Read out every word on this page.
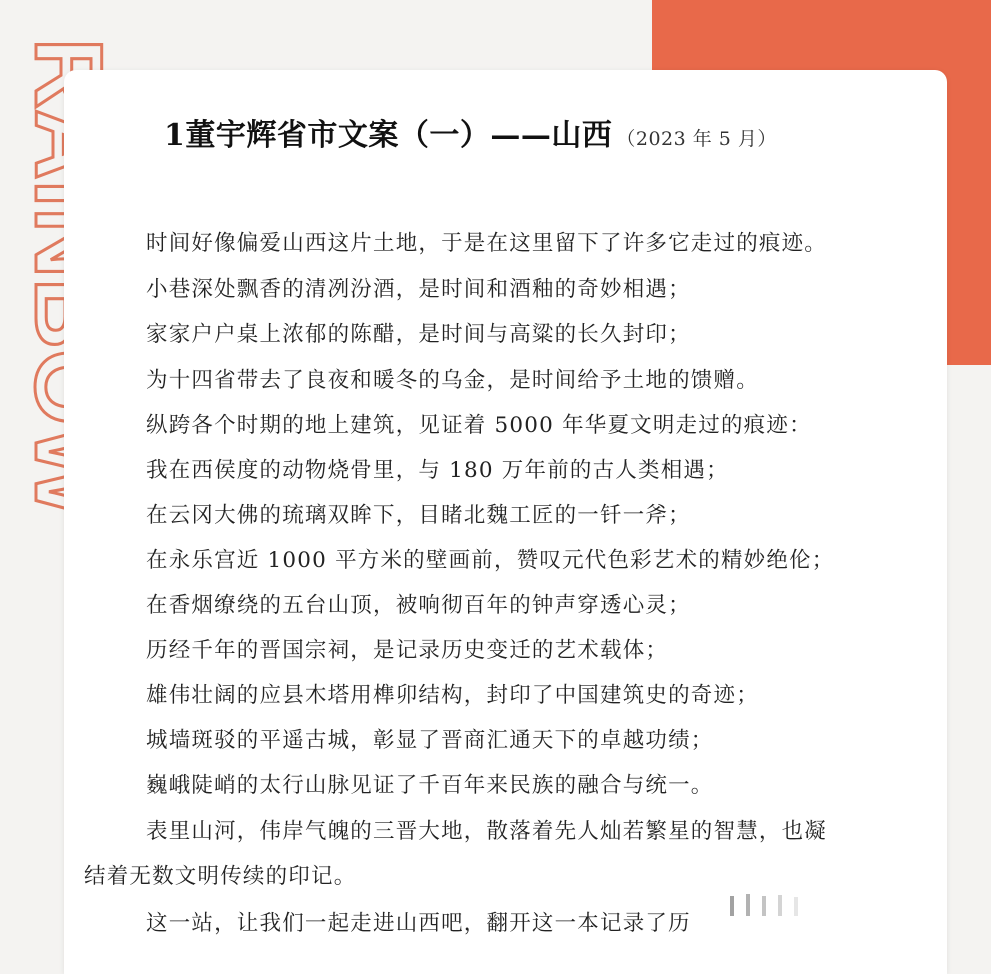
1董宇辉省市文案（一）——山西 （2023 年 5 月）
时间好像偏爱山西这片土地，于是在这里留下了许多它走过的痕迹。
小巷深处飘香的清冽汾酒，是时间和酒釉的奇妙相遇；
家家户户桌上浓郁的陈醋，是时间与高粱的长久封印；
为十四省带去了良夜和暖冬的乌金，是时间给予土地的馈赠。
纵跨各个时期的地上建筑，见证着 5000 年华夏文明走过的痕迹：
我在西侯度的动物烧骨里，与 180 万年前的古人类相遇；
在云冈大佛的琉璃双眸下，目睹北魏工匠的一钎一斧；
在永乐宫近 1000 平方米的壁画前，赞叹元代色彩艺术的精妙绝伦；
在香烟缭绕的五台山顶，被响彻百年的钟声穿透心灵；
历经千年的晋国宗祠，是记录历史变迁的艺术载体；
雄伟壮阔的应县木塔用榫卯结构，封印了中国建筑史的奇迹；
城墙斑驳的平遥古城，彰显了晋商汇通天下的卓越功绩；
巍峨陡峭的太行山脉见证了千百年来民族的融合与统一。
表里山河，伟岸气魄的三晋大地，散落着先人灿若繁星的智慧，也凝
结着无数文明传续的印记。
这一站，让我们一起走进山西吧，翻开这一本记录了历
